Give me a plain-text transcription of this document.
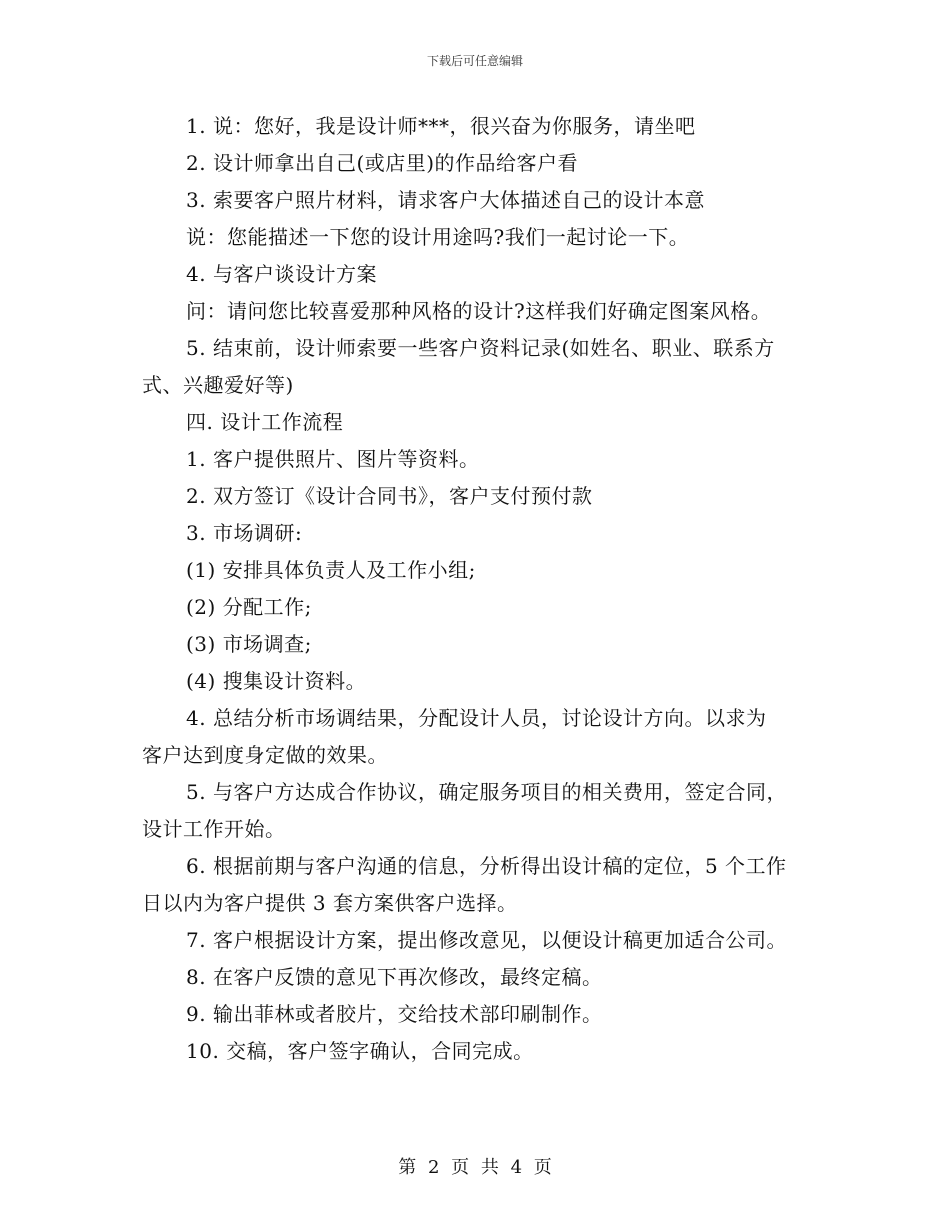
下载后可任意编辑
1. 说：您好，我是设计师***，很兴奋为你服务，请坐吧
2. 设计师拿出自己(或店里)的作品给客户看
3. 索要客户照片材料，请求客户大体描述自己的设计本意
说：您能描述一下您的设计用途吗?我们一起讨论一下。
4. 与客户谈设计方案
问：请问您比较喜爱那种风格的设计?这样我们好确定图案风格。
5. 结束前，设计师索要一些客户资料记录(如姓名、职业、联系方
式、兴趣爱好等)
四. 设计工作流程
1. 客户提供照片、图片等资料。
2. 双方签订《设计合同书》，客户支付预付款
3. 市场调研:
(1) 安排具体负责人及工作小组;
(2) 分配工作;
(3) 市场调查;
(4) 搜集设计资料。
4. 总结分析市场调结果，分配设计人员，讨论设计方向。以求为
客户达到度身定做的效果。
5. 与客户方达成合作协议，确定服务项目的相关费用，签定合同，
设计工作开始。
6. 根据前期与客户沟通的信息，分析得出设计稿的定位，5 个工作
日以内为客户提供 3 套方案供客户选择。
7. 客户根据设计方案，提出修改意见，以便设计稿更加适合公司。
8. 在客户反馈的意见下再次修改，最终定稿。
9. 输出菲林或者胶片，交给技术部印刷制作。
10. 交稿，客户签字确认，合同完成。
第 2 页 共 4 页
